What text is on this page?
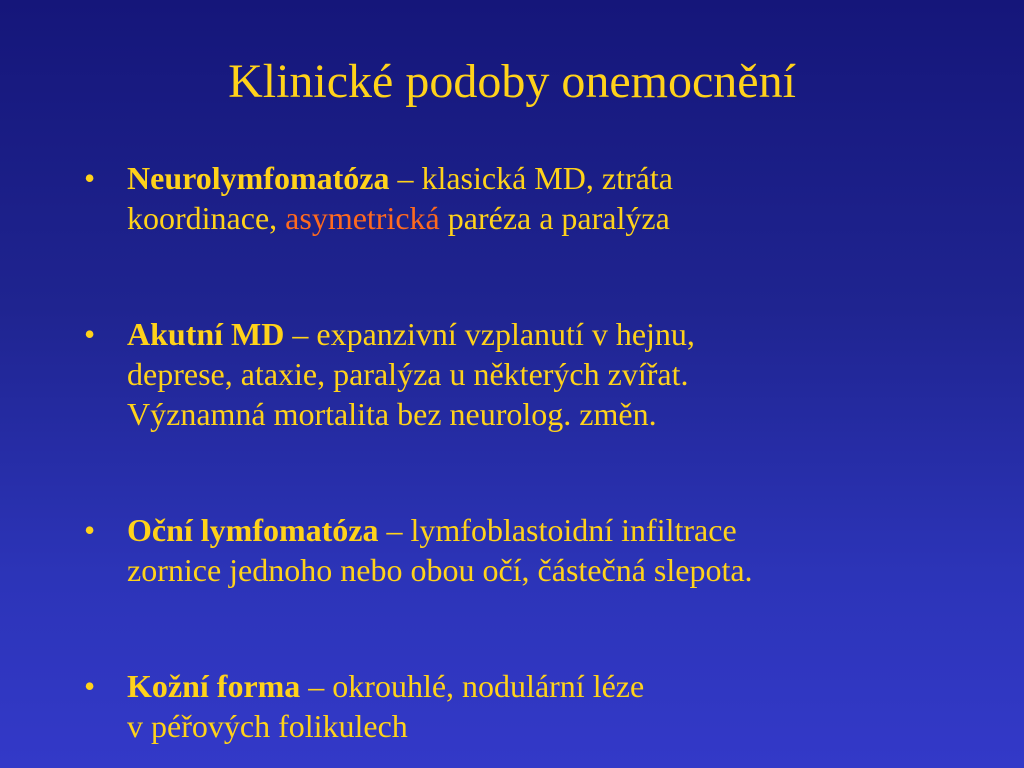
Klinické podoby onemocnění
• Neurolymfomatóza – klasická MD, ztráta
koordinace, asymetrická paréza a paralýza
• Akutní MD – expanzivní vzplanutí v hejnu,
deprese, ataxie, paralýza u některých zvířat.
Významná mortalita bez neurolog. změn.
• Oční lymfomatóza – lymfoblastoidní infiltrace
zornice jednoho nebo obou očí, částečná slepota.
• Kožní forma – okrouhlé, nodulární léze
v péřových folikulech
